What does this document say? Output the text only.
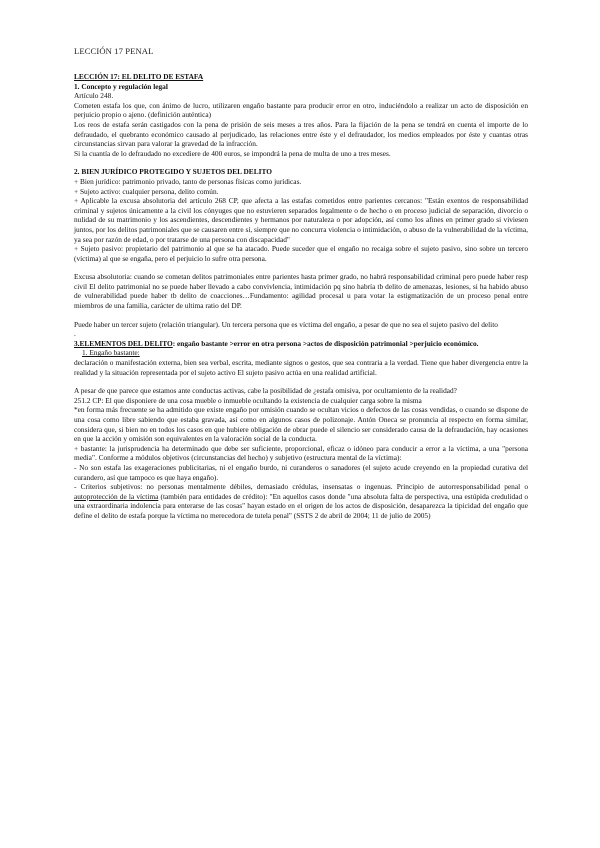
LECCIÓN 17 PENAL

LECCIÓN 17: EL DELITO DE ESTAFA

1. Concepto y regulación legal

Artículo 248.

Cometen estafa los que, con ánimo de lucro, utilizaren engaño bastante para producir error en otro, induciéndolo a realizar un acto de disposición en perjuicio propio o ajeno. (definición auténtica)

Los reos de estafa serán castigados con la pena de prisión de seis meses a tres años. Para la fijación de la pena se tendrá en cuenta el importe de lo defraudado, el quebranto económico causado al perjudicado, las relaciones entre éste y el defraudador, los medios empleados por éste y cuantas otras circunstancias sirvan para valorar la gravedad de la infracción.

Si la cuantía de lo defraudado no excediere de 400 euros, se impondrá la pena de multa de uno a tres meses.

2. BIEN JURÍDICO PROTEGIDO Y SUJETOS DEL DELITO

+ Bien jurídico: patrimonio privado, tanto de personas físicas como jurídicas.

+ Sujeto activo: cualquier persona, delito común.

+ Aplicable la excusa absolutoria del artículo 268 CP, que afecta a las estafas cometidos entre parientes cercanos: "Están exentos de responsabilidad criminal y sujetos únicamente a la civil los cónyuges que no estuvieren separados legalmente o de hecho o en proceso judicial de separación, divorcio o nulidad de su matrimonio y los ascendientes, descendientes y hermanos por naturaleza o por adopción, así como los afines en primer grado si viviesen juntos, por los delitos patrimoniales que se causaren entre sí, siempre que no concurra violencia o intimidación, o abuso de la vulnerabilidad de la víctima, ya sea por razón de edad, o por tratarse de una persona con discapacidad"

+ Sujeto pasivo: propietario del patrimonio al que se ha atacado. Puede suceder que el engaño no recaiga sobre el sujeto pasivo, sino sobre un tercero (víctima) al que se engaña, pero el perjuicio lo sufre otra persona.

Excusa absolutoria: cuando se cometan delitos patrimoniales entre parientes hasta primer grado, no habrá responsabilidad criminal pero puede haber resp civil El delito patrimonial no se puede haber llevado a cabo convivlencia, intimidación pq sino habría tb delito de amenazas, lesiones, si ha habido abuso de vulnerabilidad puede haber tb delito de coacciones…Fundamento: agilidad procesal u para votar la estigmatización de un proceso penal entre miembros de una familia, carácter de ultima ratio del DP.

Puede haber un tercer sujeto (relación triangular). Un tercera persona que es víctima del engaño, a pesar de que no sea el sujeto pasivo del delito

.

3.ELEMENTOS DEL DELITO: engaño bastante >error en otra persona >actos de disposición patrimonial >perjuicio económico.

1. Engaño bastante:

declaración o manifestación externa, bien sea verbal, escrita, mediante signos o gestos, que sea contraria a la verdad. Tiene que haber divergencia entre la realidad y la situación representada por el sujeto activo El sujeto pasivo actúa en una realidad artificial.

A pesar de que parece que estamos ante conductas activas, cabe la posibilidad de ¿estafa omisiva, por ocultamiento de la realidad?

251.2 CP: El que disponiere de una cosa mueble o inmueble ocultando la existencia de cualquier carga sobre la misma

*en forma más frecuente se ha admitido que existe engaño por omisión cuando se ocultan vicios o defectos de las cosas vendidas, o cuando se dispone de una cosa como libre sabiendo que estaba gravada, así como en algunos casos de polizonaje. Antón Oneca se pronuncia al respecto en forma similar, considera que, si bien no en todos los casos en que hubiere obligación de obrar puede el silencio ser considerado causa de la defraudación, hay ocasiones en que la acción y omisión son equivalentes en la valoración social de la conducta.

+ bastante: la jurisprudencia ha determinado que debe ser suficiente, proporcional, eficaz o idóneo para conducir a error a la víctima, a una "persona media". Conforme a módulos objetivos (circunstancias del hecho) y subjetivo (estructura mental de la víctima):

- No son estafa las exageraciones publicitarias, ni el engaño burdo, ni curanderos o sanadores (el sujeto acude creyendo en la propiedad curativa del curandero, así que tampoco es que haya engaño).

- Criterios subjetivos: no personas mentalmente débiles, demasiado crédulas, insensatas o ingenuas. Principio de autorresponsabilidad penal o autoprotección de la víctima (también para entidades de crédito): "En aquellos casos donde "una absoluta falta de perspectiva, una estúpida credulidad o una extraordinaria indolencia para enterarse de las cosas" hayan estado en el origen de los actos de disposición, desaparezca la tipicidad del engaño que define el delito de estafa porque la víctima no merecedora de tutela penal" (SSTS 2 de abril de 2004; 11 de julio de 2005)
